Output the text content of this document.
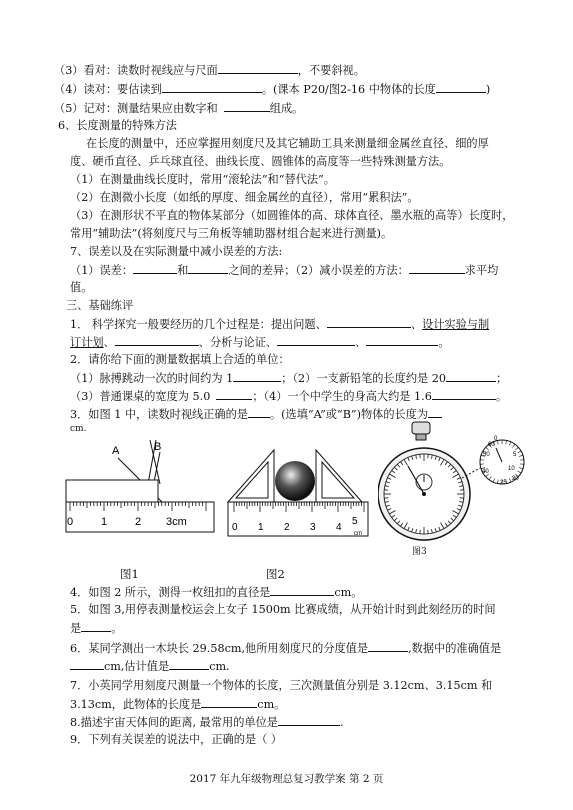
（3）看对：读数时视线应与尺面	，不要斜视。
（4）读对：要估读到	。(课本 P20/图2-16 中物体的长度	)
（5）记对：测量结果应由数字和	组成。
6、长度测量的特殊方法
在长度的测量中，还应掌握用刻度尺及其它辅助工具来测量细金属丝直径、细的厚
度、硬币直径、乒乓球直径、曲线长度、圆锥体的高度等一些特殊测量方法。
（1）在测量曲线长度时，常用“滚轮法”和“替代法”。
（2）在测微小长度（如纸的厚度、细金属丝的直径），常用“累积法”。
（3）在测形状不平直的物体某部分（如圆锥体的高、球体直径、墨水瓶的高等）长度时，
常用“辅助法”(将刻度尺与三角板等辅助器材组合起来进行测量)。
7、误差以及在实际测量中减小误差的方法:
（1）误差：	和	之间的差异；（2）减小误差的方法：	求平均
值。
三、基础练评
1． 科学探究一般要经历的几个过程是：提出问题、	、设计实验与制
订计划、	、分析与论证、	、	。
2．请你给下面的测量数据填上合适的单位：
（1）脉搏跳动一次的时间约为 1	；（2）一支新铅笔的长度约是 20	；
（3）普通课桌的宽度为 5.0	；（4）一个中学生的身高大约是 1.6	。
3．如图 1 中，读数时视线正确的是 。(选填“A”或“B”)物体的长度为
cm.
A	B
0	1	2 3cm
图1
0 1 2 3 4
5
cm
图2
0
5
10
20
25
40
50
60
图3
4．如图 2 所示，测得一枚纽扣的直径是	cm。
5．如图 3,用停表测量校运会上女子 1500m 比赛成绩，从开始计时到此刻经历的时间
是	。
6．某同学测出一木块长 29.58cm,他所用刻度尺的分度值是	,数据中的准确值是
cm,估计值是	cm.
7．小英同学用刻度尺测量一个物体的长度，三次测量值分别是 3.12cm、3.15cm 和
3.13cm，此物体的长度是	cm。
8.描述宇宙天体间的距离, 最常用的单位是	.
9．下列有关误差的说法中，正确的是（ ）
2017 年九年级物理总复习教学案 第 2 页
